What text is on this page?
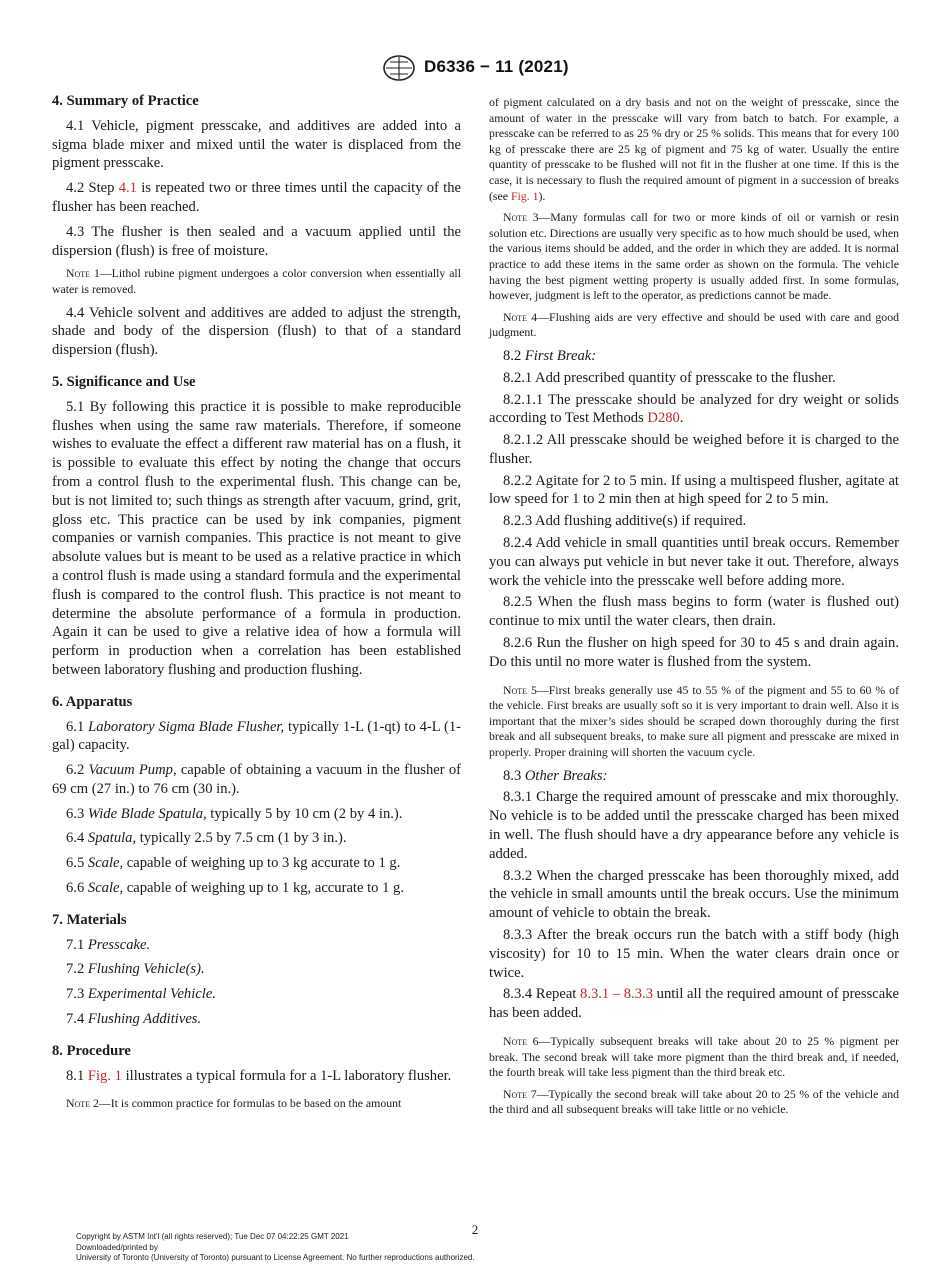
D6336 − 11 (2021)
4. Summary of Practice

4.1 Vehicle, pigment presscake, and additives are added into a sigma blade mixer and mixed until the water is displaced from the pigment presscake.

4.2 Step 4.1 is repeated two or three times until the capacity of the flusher has been reached.

4.3 The flusher is then sealed and a vacuum applied until the dispersion (flush) is free of moisture.

Note 1—Lithol rubine pigment undergoes a color conversion when essentially all water is removed.

4.4 Vehicle solvent and additives are added to adjust the strength, shade and body of the dispersion (flush) to that of a standard dispersion (flush).

5. Significance and Use

5.1 By following this practice it is possible to make reproducible flushes when using the same raw materials. Therefore, if someone wishes to evaluate the effect a different raw material has on a flush, it is possible to evaluate this effect by noting the change that occurs from a control flush to the experimental flush. This change can be, but is not limited to; such things as strength after vacuum, grind, grit, gloss etc. This practice can be used by ink companies, pigment companies or varnish companies. This practice is not meant to give absolute values but is meant to be used as a relative practice in which a control flush is made using a standard formula and the experimental flush is compared to the control flush. This practice is not meant to determine the absolute performance of a formula in production. Again it can be used to give a relative idea of how a formula will perform in production when a correlation has been established between laboratory flushing and production flushing.

6. Apparatus

6.1 Laboratory Sigma Blade Flusher, typically 1-L (1-qt) to 4-L (1-gal) capacity.

6.2 Vacuum Pump, capable of obtaining a vacuum in the flusher of 69 cm (27 in.) to 76 cm (30 in.).

6.3 Wide Blade Spatula, typically 5 by 10 cm (2 by 4 in.).

6.4 Spatula, typically 2.5 by 7.5 cm (1 by 3 in.).

6.5 Scale, capable of weighing up to 3 kg accurate to 1 g.

6.6 Scale, capable of weighing up to 1 kg, accurate to 1 g.

7. Materials

7.1 Presscake.

7.2 Flushing Vehicle(s).

7.3 Experimental Vehicle.

7.4 Flushing Additives.

8. Procedure

8.1 Fig. 1 illustrates a typical formula for a 1-L laboratory flusher.

Note 2—It is common practice for formulas to be based on the amount

of pigment calculated on a dry basis and not on the weight of presscake, since the amount of water in the presscake will vary from batch to batch. For example, a presscake can be referred to as 25 % dry or 25 % solids. This means that for every 100 kg of presscake there are 25 kg of pigment and 75 kg of water. Usually the entire quantity of presscake to be flushed will not fit in the flusher at one time. If this is the case, it is necessary to flush the required amount of pigment in a succession of breaks (see Fig. 1).

Note 3—Many formulas call for two or more kinds of oil or varnish or resin solution etc. Directions are usually very specific as to how much should be used, when the various items should be added, and the order in which they are added. It is normal practice to add these items in the same order as shown on the formula. The vehicle having the best pigment wetting property is usually added first. In some formulas, however, judgment is left to the operator, as predictions cannot be made.

Note 4—Flushing aids are very effective and should be used with care and good judgment.

8.2 First Break:

8.2.1 Add prescribed quantity of presscake to the flusher.

8.2.1.1 The presscake should be analyzed for dry weight or solids according to Test Methods D280.

8.2.1.2 All presscake should be weighed before it is charged to the flusher.

8.2.2 Agitate for 2 to 5 min. If using a multispeed flusher, agitate at low speed for 1 to 2 min then at high speed for 2 to 5 min.

8.2.3 Add flushing additive(s) if required.

8.2.4 Add vehicle in small quantities until break occurs. Remember you can always put vehicle in but never take it out. Therefore, always work the vehicle into the presscake well before adding more.

8.2.5 When the flush mass begins to form (water is flushed out) continue to mix until the water clears, then drain.

8.2.6 Run the flusher on high speed for 30 to 45 s and drain again. Do this until no more water is flushed from the system.

Note 5—First breaks generally use 45 to 55 % of the pigment and 55 to 60 % of the vehicle. First breaks are usually soft so it is very important to drain well. Also it is important that the mixer’s sides should be scraped down thoroughly during the first break and all subsequent breaks, to make sure all pigment and presscake are mixed in properly. Proper draining will shorten the vacuum cycle.

8.3 Other Breaks:

8.3.1 Charge the required amount of presscake and mix thoroughly. No vehicle is to be added until the presscake charged has been mixed in well. The flush should have a dry appearance before any vehicle is added.

8.3.2 When the charged presscake has been thoroughly mixed, add the vehicle in small amounts until the break occurs. Use the minimum amount of vehicle to obtain the break.

8.3.3 After the break occurs run the batch with a stiff body (high viscosity) for 10 to 15 min. When the water clears drain once or twice.

8.3.4 Repeat 8.3.1 – 8.3.3 until all the required amount of presscake has been added.

Note 6—Typically subsequent breaks will take about 20 to 25 % pigment per break. The second break will take more pigment than the third break and, if needed, the fourth break will take less pigment than the third break etc.

Note 7—Typically the second break will take about 20 to 25 % of the vehicle and the third and all subsequent breaks will take little or no vehicle.

2
Copyright by ASTM Int'l (all rights reserved); Tue Dec 07 04:22:25 GMT 2021
Downloaded/printed by
University of Toronto (University of Toronto) pursuant to License Agreement. No further reproductions authorized.
